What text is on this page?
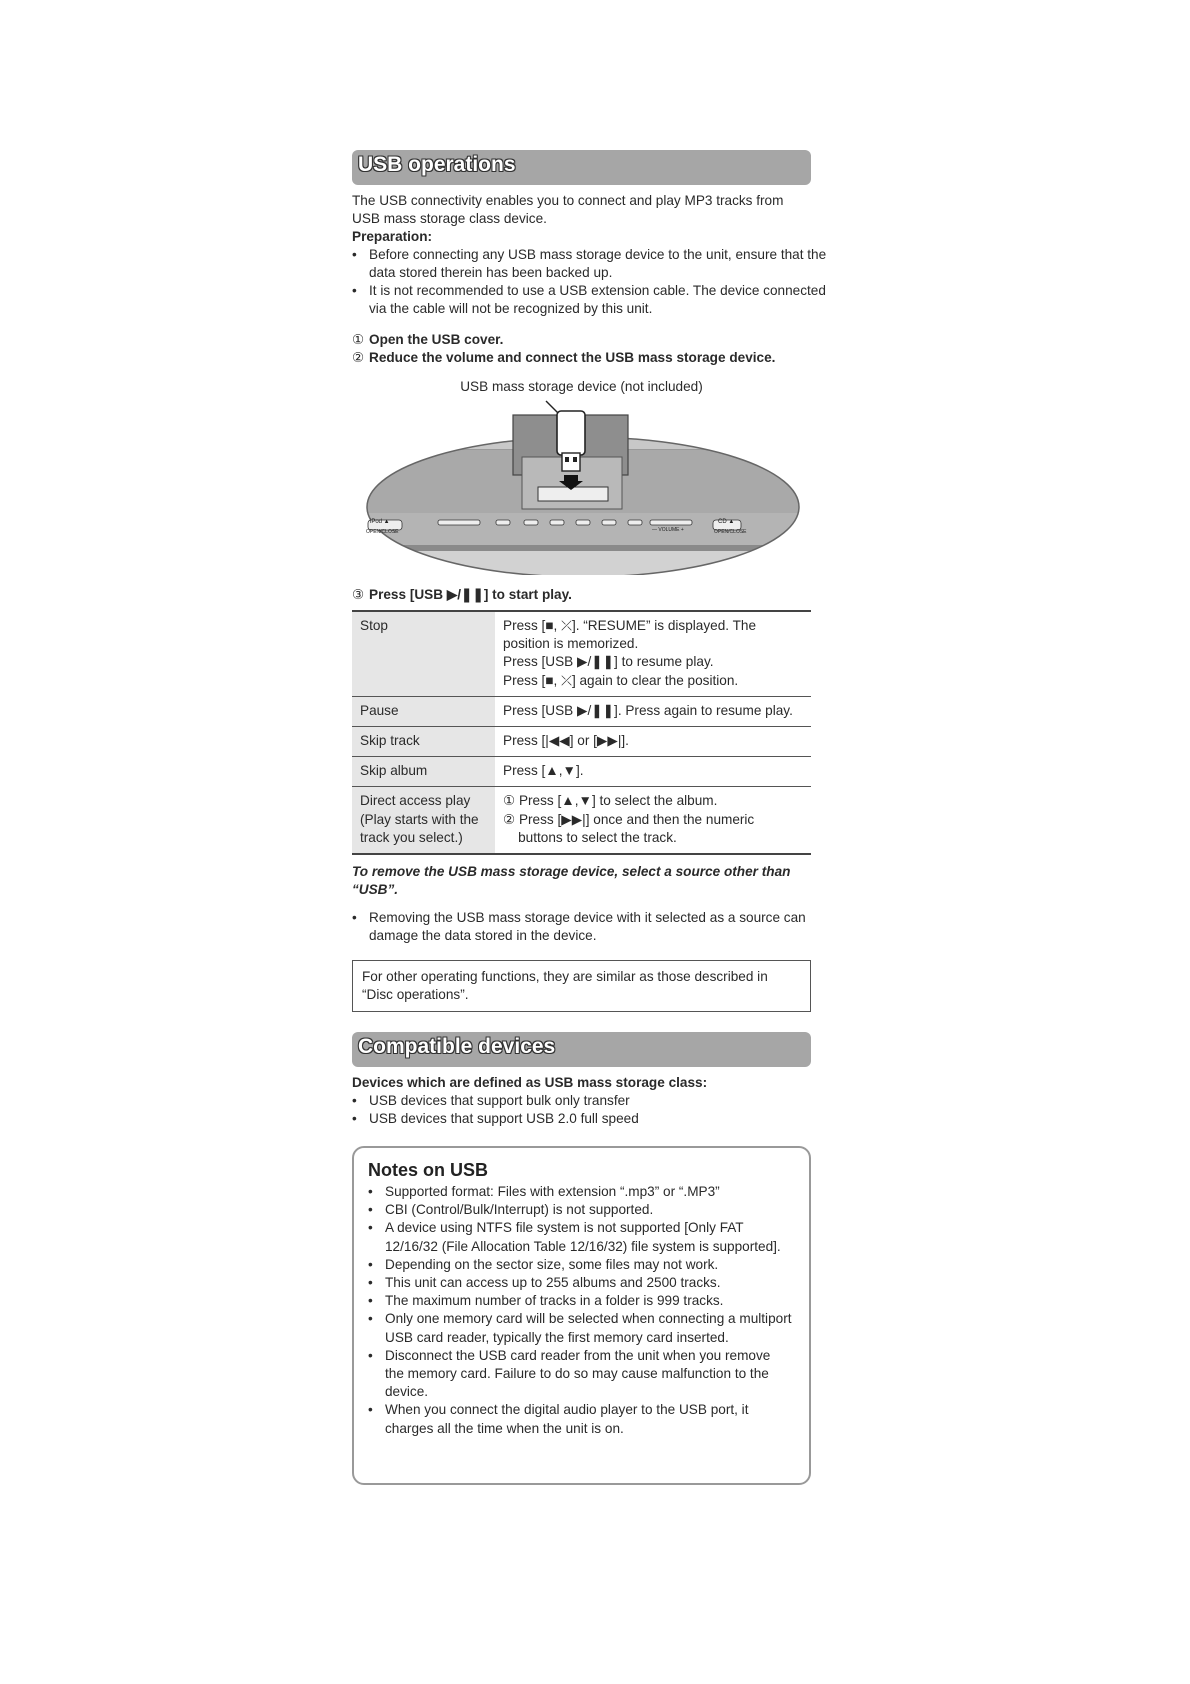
USB operations
The USB connectivity enables you to connect and play MP3 tracks from USB mass storage class device.
Preparation:
• Before connecting any USB mass storage device to the unit, ensure that the data stored therein has been backed up.
• It is not recommended to use a USB extension cable. The device connected via the cable will not be recognized by this unit.
① Open the USB cover.
② Reduce the volume and connect the USB mass storage device.
USB mass storage device (not included)
iPod ▲
OPEN/CLOSE	— VOLUME +
CD ▲
OPEN/CLOSE
③ Press [USB ▶/❚❚] to start play.
Stop	Press [■, ⤫]. “RESUME” is displayed. The
position is memorized.
Press [USB ▶/❚❚] to resume play.
Press [■, ⤫] again to clear the position.

Pause	Press [USB ▶/❚❚]. Press again to resume play.

Skip track	Press [|◀◀] or [▶▶|].

Skip album	Press [▲,▼].

Direct access play (Play starts with the track you select.)	① Press [▲,▼] to select the album.
② Press [▶▶|] once and then the numeric
buttons to select the track.
To remove the USB mass storage device, select a source other than “USB”.
• Removing the USB mass storage device with it selected as a source can damage the data stored in the device.
For other operating functions, they are similar as those described in “Disc operations”.
Compatible devices
Devices which are defined as USB mass storage class:
• USB devices that support bulk only transfer
• USB devices that support USB 2.0 full speed
Notes on USB
• Supported format: Files with extension “.mp3” or “.MP3”
• CBI (Control/Bulk/Interrupt) is not supported.
• A device using NTFS file system is not supported [Only FAT 12/16/32 (File Allocation Table 12/16/32) file system is supported].
• Depending on the sector size, some files may not work.
• This unit can access up to 255 albums and 2500 tracks.
• The maximum number of tracks in a folder is 999 tracks.
• Only one memory card will be selected when connecting a multiport USB card reader, typically the first memory card inserted.
• Disconnect the USB card reader from the unit when you remove the memory card. Failure to do so may cause malfunction to the device.
• When you connect the digital audio player to the USB port, it charges all the time when the unit is on.
